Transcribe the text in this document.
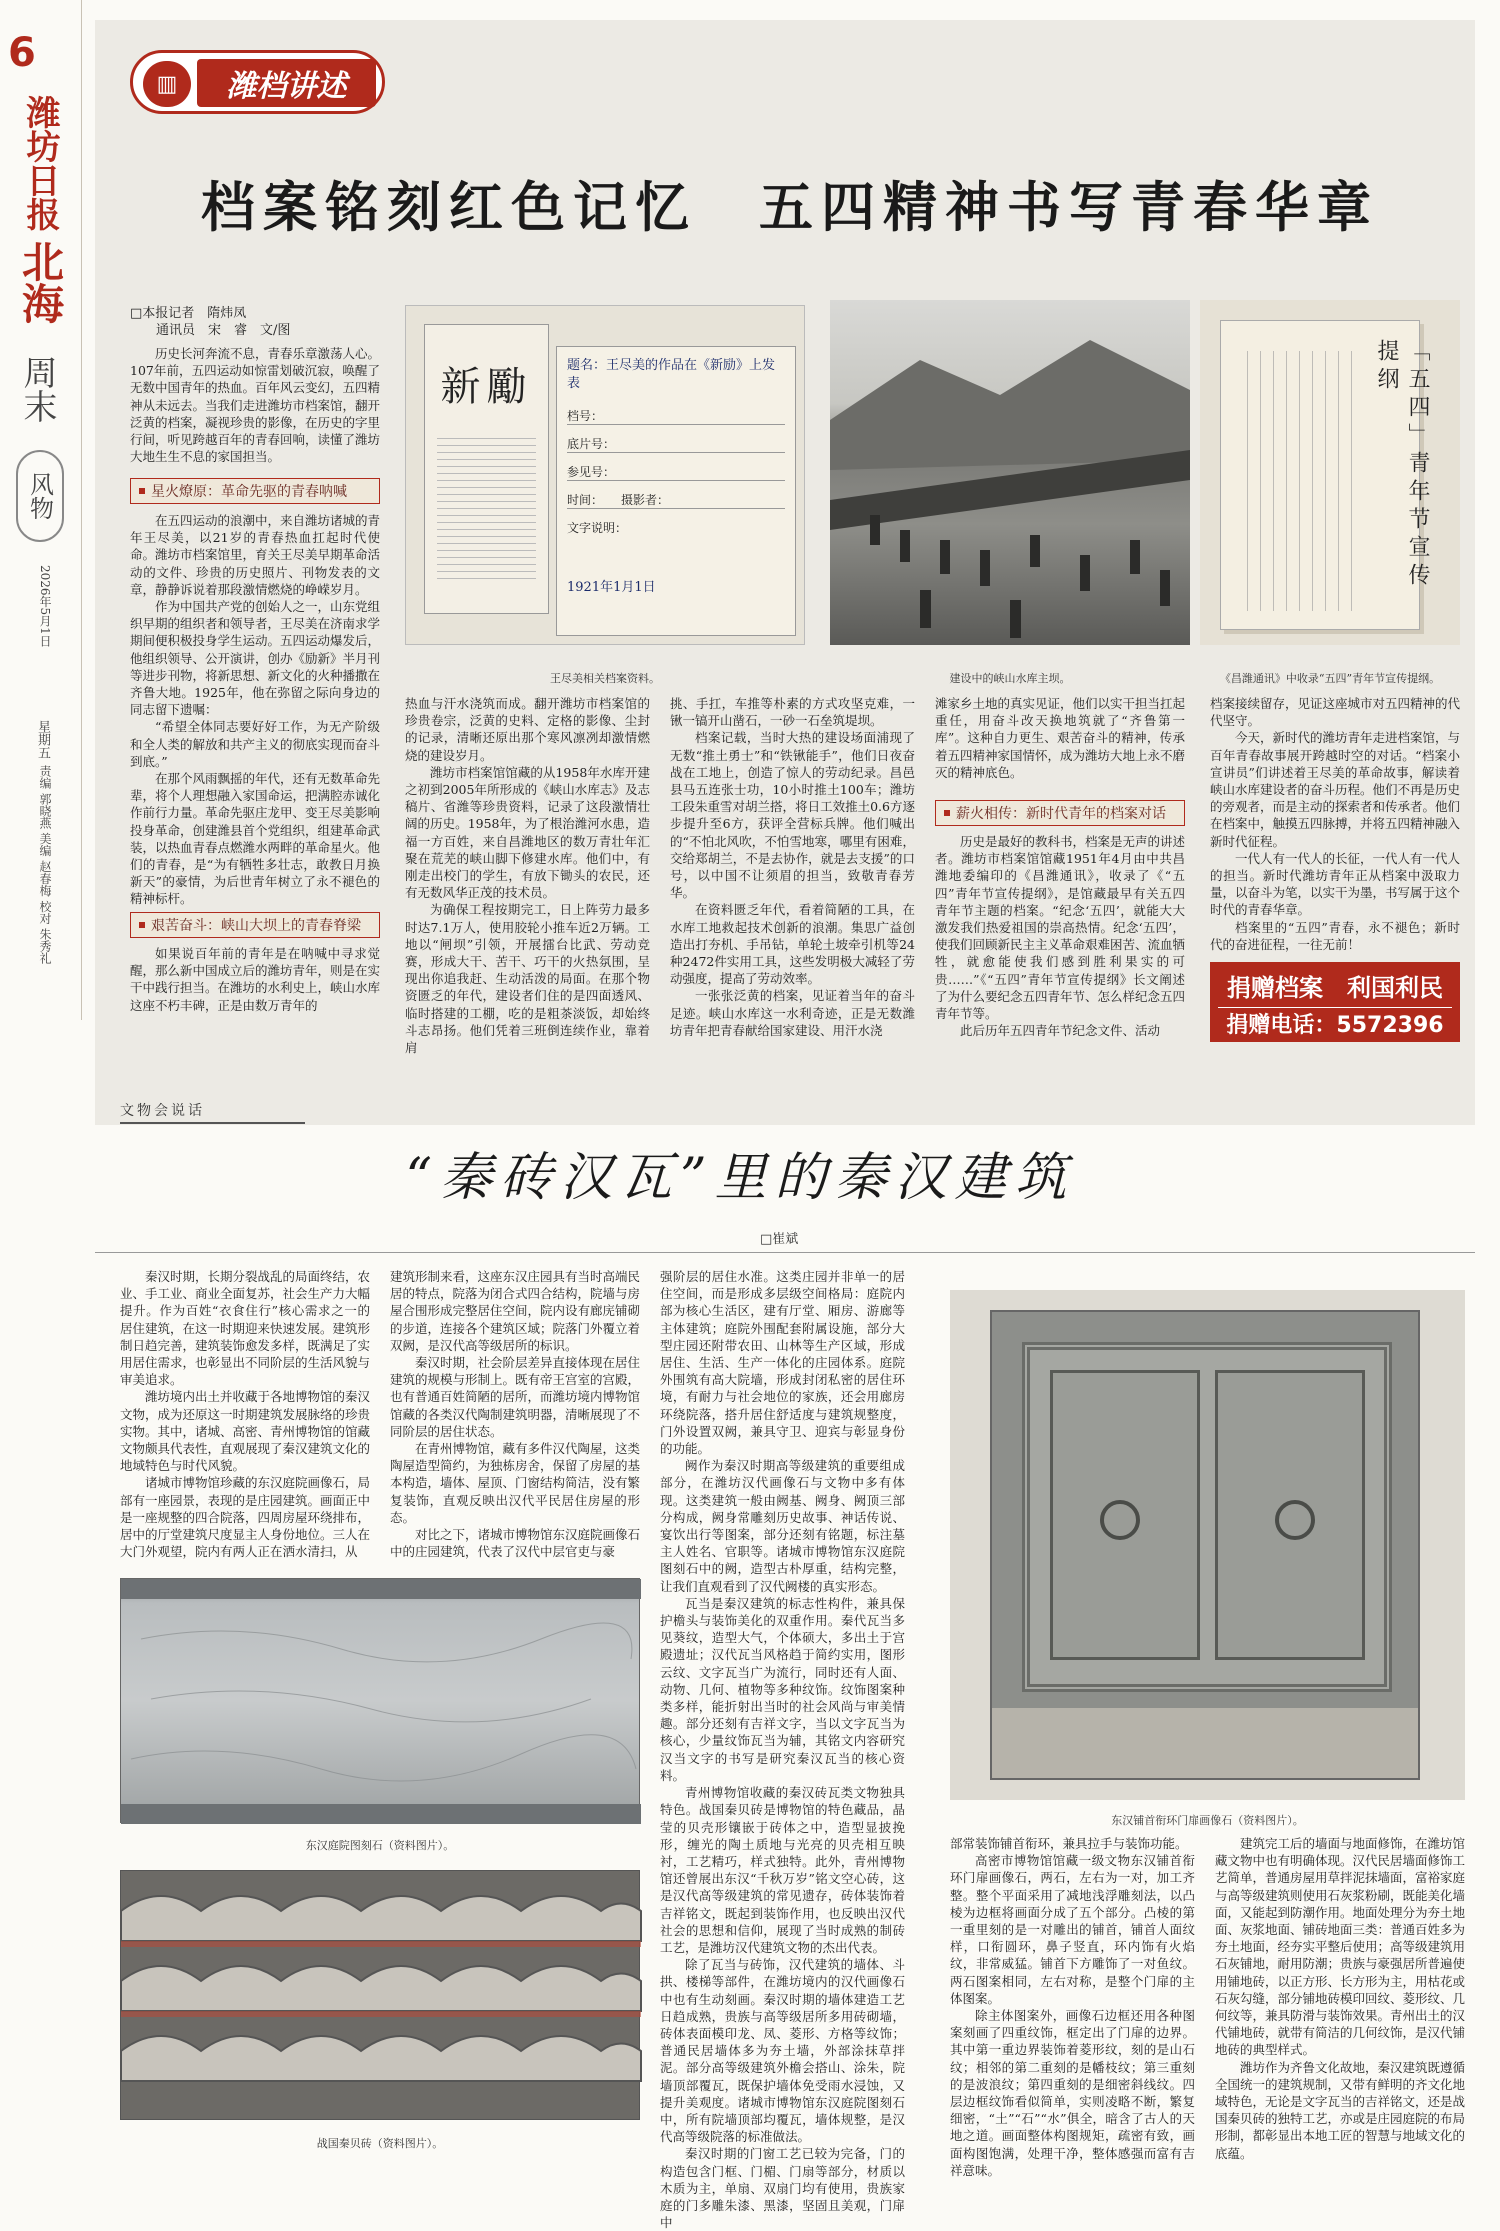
6
潍坊日报
北海
周末
风物
2026年5月1日
星期五
责编 郭晓燕 美编 赵春梅 校对 朱秀礼
▥	潍档讲述
档案铭刻红色记忆　五四精神书写青春华章
□本报记者　隋炜凤
通讯员　宋　睿　文/图
新勵	题名：王尽美的作品在《新励》上发表
档号：
底片号：
参见号：
时间：　　摄影者：
文字说明：
1921年1月1日
王尽美相关档案资料。	建设中的峡山水库主坝。
「五四」青年节宣传提纲
《昌潍通讯》中收录“五四”青年节宣传提纲。
历史长河奔流不息，青春乐章激荡人心。107年前，五四运动如惊雷划破沉寂，唤醒了无数中国青年的热血。百年风云变幻，五四精神从未远去。当我们走进潍坊市档案馆，翻开泛黄的档案，凝视珍贵的影像，在历史的字里行间，听见跨越百年的青春回响，读懂了潍坊大地生生不息的家国担当。
星火燎原：革命先驱的青春呐喊

在五四运动的浪潮中，来自潍坊诸城的青年王尽美，以21岁的青春热血扛起时代使命。潍坊市档案馆里，育关王尽美早期革命活动的文件、珍贵的历史照片、刊物发表的文章，静静诉说着那段激情燃烧的峥嵘岁月。

作为中国共产党的创始人之一，山东党组织早期的组织者和领导者，王尽美在济南求学期间便积极投身学生运动。五四运动爆发后，他组织领导、公开演讲，创办《励新》半月刊等进步刊物，将新思想、新文化的火种播撒在齐鲁大地。1925年，他在弥留之际向身边的同志留下遗嘱：

“希望全体同志要好好工作，为无产阶级和全人类的解放和共产主义的彻底实现而奋斗到底。”

在那个风雨飘摇的年代，还有无数革命先辈，将个人理想融入家国命运，把满腔赤诚化作前行力量。革命先驱庄龙甲、变王尽美影响投身革命，创建潍县首个党组织，组建革命武装，以热血青春点燃潍水两畔的革命星火。他们的青春，是“为有牺牲多壮志，敢教日月换新天”的豪情，为后世青年树立了永不褪色的精神标杆。

艰苦奋斗：峡山大坝上的青春脊梁
如果说百年前的青年是在呐喊中寻求觉醒，那么新中国成立后的潍坊青年，则是在实干中践行担当。在潍坊的水利史上，峡山水库这座不朽丰碑，正是由数万青年的

热血与汗水浇筑而成。翻开潍坊市档案馆的珍贵卷宗，泛黄的史料、定格的影像、尘封的记录，清晰还原出那个寒风凛冽却激情燃烧的建设岁月。

潍坊市档案馆馆藏的从1958年水库开建之初到2005年所形成的《峡山水库志》及志稿片、省潍等珍贵资料，记录了这段激情壮阔的历史。1958年，为了根治潍河水患，造福一方百姓，来自昌潍地区的数万青壮年汇聚在荒芜的峡山脚下修建水库。他们中，有刚走出校门的学生，有放下锄头的农民，还有无数风华正茂的技术员。

为确保工程按期完工，日上阵劳力最多时达7.1万人，使用胶轮小推车近2万辆。工地以“闸坝”引领，开展擂台比武、劳动竞赛，形成大干、苦干、巧干的火热氛围，呈现出你追我赶、生动活泼的局面。在那个物资匮乏的年代，建设者们住的是四面透风、临时搭建的工棚，吃的是粗茶淡饭，却始终斗志昂扬。他们凭着三班倒连续作业，靠着肩

挑、手扛，车推等朴素的方式攻坚克难，一锹一镐开山凿石，一砂一石垒筑堤坝。

档案记载，当时大热的建设场面浦现了无数“推土勇士”和“铁锹能手”，他们日夜奋战在工地上，创造了惊人的劳动纪录。昌邑县马五连张士功，10小时推土100车；潍坊工段朱重雪对胡兰搭，将日工效推土0.6方逐步提升至6方，获评全营标兵牌。他们喊出的“不怕北风吹，不怕雪地寒，哪里有困难，交给郑胡兰，不是去协作，就是去支援”的口号，以中国不让须眉的担当，致敬青春芳华。

在资料匮乏年代，看着简陋的工具，在水库工地救起技术创新的浪潮。集思广益创造出打夯机、手吊钻，单轮土坡牵引机等24种2472件实用工具，这些发明极大减轻了劳动强度，提高了劳动效率。

一张张泛黄的档案，见证着当年的奋斗足迹。峡山水库这一水利奇迹，正是无数潍坊青年把青春献给国家建设、用汗水浇

滩家乡土地的真实见证，他们以实干担当扛起重任，用奋斗改天换地筑就了“齐鲁第一库”。这种自力更生、艰苦奋斗的精神，传承着五四精神家国情怀，成为潍坊大地上永不磨灭的精神底色。
薪火相传：新时代青年的档案对话

历史是最好的教科书，档案是无声的讲述者。潍坊市档案馆馆藏1951年4月由中共昌潍地委编印的《昌潍通讯》，收录了《“五四”青年节宣传提纲》，是馆藏最早有关五四青年节主题的档案。“纪念‘五四’，就能大大激发我们热爱祖国的崇高热情。纪念‘五四’，使我们回顾新民主主义革命艰难困苦、流血牺牲，就愈能使我们感到胜利果实的可贵……”《“五四”青年节宣传提纲》长文阐述了为什么要纪念五四青年节、怎么样纪念五四青年节等。

此后历年五四青年节纪念文件、活动

档案接续留存，见证这座城市对五四精神的代代坚守。

今天，新时代的潍坊青年走进档案馆，与百年青春故事展开跨越时空的对话。“档案小宣讲员”们讲述着王尽美的革命故事，解读着峡山水库建设者的奋斗历程。他们不再是历史的旁观者，而是主动的探索者和传承者。他们在档案中，触摸五四脉搏，并将五四精神融入新时代征程。

一代人有一代人的长征，一代人有一代人的担当。新时代潍坊青年正从档案中汲取力量，以奋斗为笔，以实干为墨，书写属于这个时代的青春华章。

档案里的“五四”青春，永不褪色；新时代的奋进征程，一往无前！

捐赠档案　利国利民
捐赠电话：5572396
文物会说话
“秦砖汉瓦”里的秦汉建筑
□崔斌

秦汉时期，长期分裂战乱的局面终结，农业、手工业、商业全面复苏，社会生产力大幅提升。作为百姓“衣食住行”核心需求之一的居住建筑，在这一时期迎来快速发展。建筑形制日趋完善，建筑装饰愈发多样，既满足了实用居住需求，也彰显出不同阶层的生活风貌与审美追求。

潍坊境内出土并收藏于各地博物馆的秦汉文物，成为还原这一时期建筑发展脉络的珍贵实物。其中，诸城、高密、青州博物馆的馆藏文物颇具代表性，直观展现了秦汉建筑文化的地域特色与时代风貌。

诸城市博物馆珍藏的东汉庭院画像石，局部有一座园景，表现的是庄园建筑。画面正中是一座规整的四合院落，四周房屋环绕排布，居中的厅堂建筑尺度显主人身份地位。三人在大门外观望，院内有两人正在洒水清扫，从

建筑形制来看，这座东汉庄园具有当时高端民居的特点，院落为闭合式四合结构，院墙与房屋合围形成完整居住空间，院内设有廊庑铺砌的步道，连接各个建筑区域；院落门外覆立着双阙，是汉代高等级居所的标识。

秦汉时期，社会阶层差异直接体现在居住建筑的规模与形制上。既有帝王宫室的宫殿，也有普通百姓简陋的居所，而潍坊境内博物馆馆藏的各类汉代陶制建筑明器，清晰展现了不同阶层的居住状态。

在青州博物馆，藏有多件汉代陶屋，这类陶屋造型简约，为独栋房舍，保留了房屋的基本构造，墙体、屋顶、门窗结构简洁，没有繁复装饰，直观反映出汉代平民居住房屋的形态。

对比之下，诸城市博物馆东汉庭院画像石中的庄园建筑，代表了汉代中层官吏与豪

东汉庭院图刻石（资料图片）。
战国秦贝砖（资料图片）。

强阶层的居住水准。这类庄园并非单一的居住空间，而是形成多层级空间格局：庭院内部为核心生活区，建有厅堂、厢房、游廊等主体建筑；庭院外围配套附属设施，部分大型庄园还附带农田、山林等生产区域，形成居住、生活、生产一体化的庄园体系。庭院外围筑有高大院墙，形成封闭私密的居住环境，有耐力与社会地位的家族，还会用廊房环绕院落，搭升居住舒适度与建筑规整度，门外设置双阙，兼具守卫、迎宾与彰显身份的功能。

阙作为秦汉时期高等级建筑的重要组成部分，在潍坊汉代画像石与文物中多有体现。这类建筑一般由阙基、阙身、阙顶三部分构成，阙身常雕刻历史故事、神话传说、宴饮出行等图案，部分还刻有铭题，标注墓主人姓名、官职等。诸城市博物馆东汉庭院图刻石中的阙，造型古朴厚重，结构完整，让我们直观看到了汉代阙楼的真实形态。

瓦当是秦汉建筑的标志性构件，兼具保护檐头与装饰美化的双重作用。秦代瓦当多见葵纹，造型大气，个体硕大，多出土于宫殿遗址；汉代瓦当风格趋于简约实用，图形云纹、文字瓦当广为流行，同时还有人面、动物、几何、植物等多种纹饰。纹饰图案种类多样，能折射出当时的社会风尚与审美情趣。部分还刻有吉祥文字，当以文字瓦当为核心，少量纹饰瓦当为辅，其铭文内容研究汉当文字的书写是研究秦汉瓦当的核心资料。

青州博物馆收藏的秦汉砖瓦类文物独具特色。战国秦贝砖是博物馆的特色藏品，晶莹的贝壳形镶嵌于砖体之中，造型显披挽形，缠光的陶土质地与光亮的贝壳相互映衬，工艺精巧，样式独特。此外，青州博物馆还曾展出东汉“千秋万岁”铭文空心砖，这是汉代高等级建筑的常见遗存，砖体装饰着吉祥铭文，既起到装饰作用，也反映出汉代社会的思想和信仰，展现了当时成熟的制砖工艺，是潍坊汉代建筑文物的杰出代表。

除了瓦当与砖饰，汉代建筑的墙体、斗拱、楼梯等部件，在潍坊境内的汉代画像石中也有生动刻画。秦汉时期的墙体建造工艺日趋成熟，贵族与高等级居所多用砖砌墙，砖体表面模印龙、凤、菱形、方格等纹饰；普通民居墙体多为夯土墙，外部涂抹草拌泥。部分高等级建筑外檐会搭山、涂朱，院墙顶部覆瓦，既保护墙体免受雨水浸蚀，又提升美观度。诸城市博物馆东汉庭院图刻石中，所有院墙顶部均覆瓦，墙体规整，是汉代高等级院落的标准做法。

秦汉时期的门窗工艺已较为完备，门的构造包含门框、门楣、门扇等部分，材质以木质为主，单扇、双扇门均有使用，贵族家庭的门多雕朱漆、黑漆，坚固且美观，门扉中

东汉铺首衔环门扉画像石（资料图片）。

部常装饰铺首衔环，兼具拉手与装饰功能。

高密市博物馆馆藏一级文物东汉铺首衔环门扉画像石，两石，左右为一对，加工齐整。整个平面采用了减地浅浮雕刻法，以凸棱为边框将画面分成了五个部分。凸棱的第一重里刻的是一对雕出的铺首，铺首人面纹样，口衔圆环，鼻子竖直，环内饰有火焰纹，非常威猛。铺首下方雕饰了一对鱼纹。两石图案相同，左右对称，是整个门扉的主体图案。

除主体图案外，画像石边框还用各种图案刻画了四重纹饰，框定出了门扉的边界。其中第一重边界装饰着菱形纹，刻的是山石纹；相邻的第二重刻的是幡枝纹；第三重刻的是波浪纹；第四重刻的是细密斜线纹。四层边框纹饰看似简单，实则凌略不断，繁复细密，“土”“石”“水”俱全，暗含了古人的天地之道。画面整体构图规矩，疏密有致，画面构图饱满，处理干净，整体感强而富有吉祥意味。

建筑完工后的墙面与地面修饰，在潍坊馆藏文物中也有明确体现。汉代民居墙面修饰工艺简单，普通房屋用草拌泥抹墙面，富裕家庭与高等级建筑则使用石灰浆粉刷，既能美化墙面，又能起到防潮作用。地面处理分为夯土地面、灰浆地面、铺砖地面三类：普通百姓多为夯土地面，经夯实平整后使用；高等级建筑用石灰铺地，耐用防潮；贵族与豪强居所普遍使用铺地砖，以正方形、长方形为主，用枯花或石灰勾缝，部分铺地砖模印回纹、菱形纹、几何纹等，兼具防滑与装饰效果。青州出土的汉代铺地砖，就带有简洁的几何纹饰，是汉代铺地砖的典型样式。

潍坊作为齐鲁文化故地，秦汉建筑既遵循全国统一的建筑规制，又带有鲜明的齐文化地域特色，无论是文字瓦当的吉祥铭文，还是战国秦贝砖的独特工艺，亦或是庄园庭院的布局形制，都彰显出本地工匠的智慧与地域文化的底蕴。
